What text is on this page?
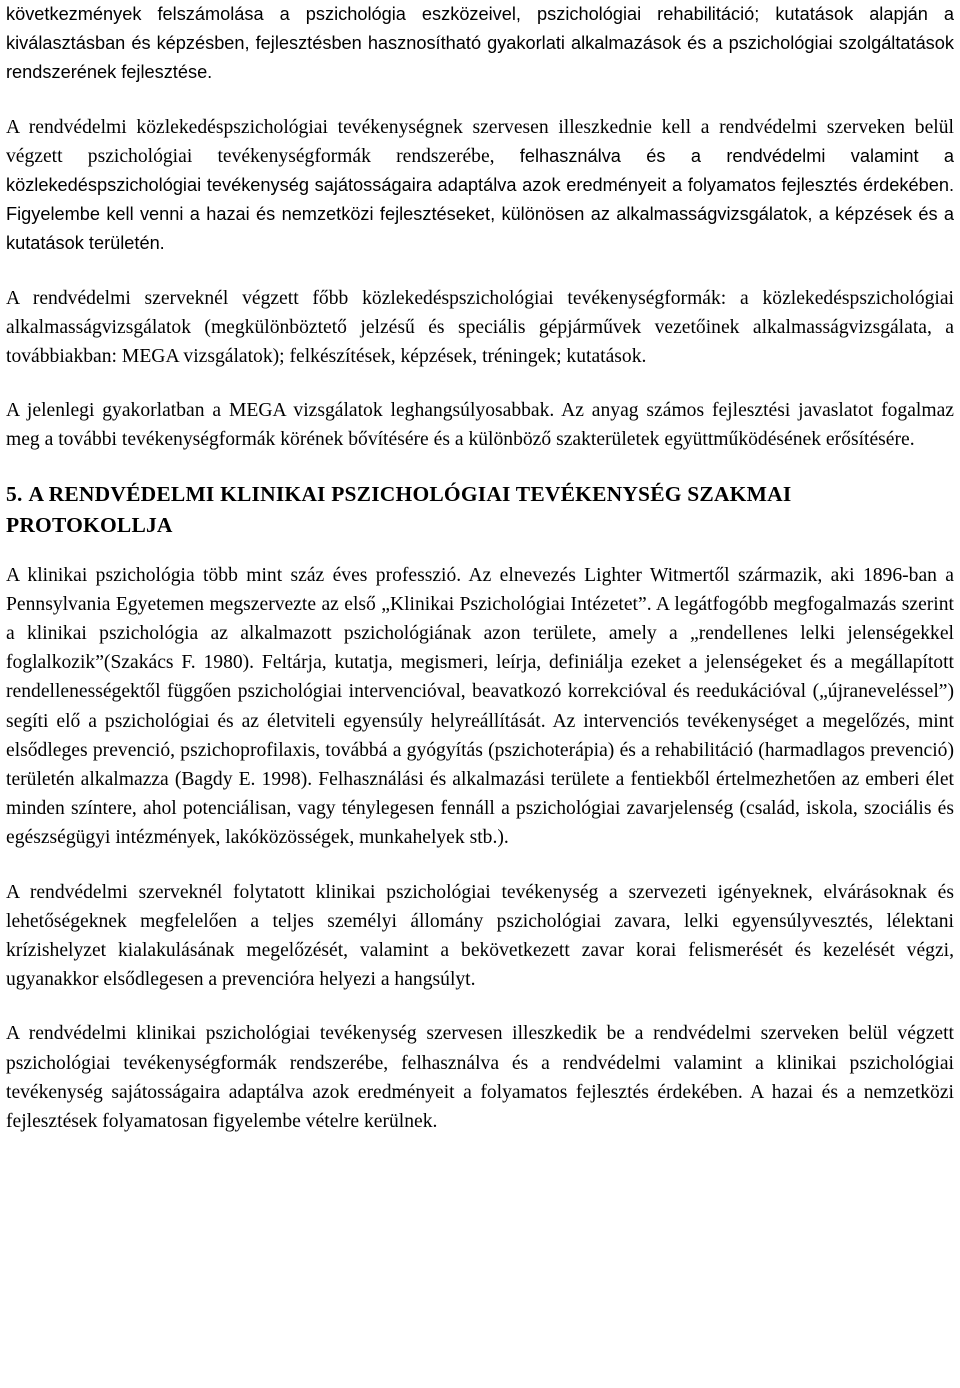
következmények felszámolása a pszichológia eszközeivel, pszichológiai rehabilitáció; kutatások alapján a kiválasztásban és képzésben, fejlesztésben hasznosítható gyakorlati alkalmazások és a pszichológiai szolgáltatások rendszerének fejlesztése.

A rendvédelmi közlekedéspszichológiai tevékenységnek szervesen illeszkednie kell a rendvédelmi szerveken belül végzett pszichológiai tevékenységformák rendszerébe, felhasználva és a rendvédelmi valamint a közlekedéspszichológiai tevékenység sajátosságaira adaptálva azok eredményeit a folyamatos fejlesztés érdekében. Figyelembe kell venni a hazai és nemzetközi fejlesztéseket, különösen az alkalmasságvizsgálatok, a képzések és a kutatások területén.

A rendvédelmi szerveknél végzett főbb közlekedéspszichológiai tevékenységformák: a közlekedéspszichológiai alkalmasságvizsgálatok (megkülönböztető jelzésű és speciális gépjárművek vezetőinek alkalmasságvizsgálata, a továbbiakban: MEGA vizsgálatok); felkészítések, képzések, tréningek; kutatások.

A jelenlegi gyakorlatban a MEGA vizsgálatok leghangsúlyosabbak. Az anyag számos fejlesztési javaslatot fogalmaz meg a további tevékenységformák körének bővítésére és a különböző szakterületek együttműködésének erősítésére.

5. A RENDVÉDELMI KLINIKAI PSZICHOLÓGIAI TEVÉKENYSÉG SZAKMAI PROTOKOLLJA

A klinikai pszichológia több mint száz éves professzió. Az elnevezés Lighter Witmertől származik, aki 1896-ban a Pennsylvania Egyetemen megszervezte az első „Klinikai Pszichológiai Intézetet”. A legátfogóbb megfogalmazás szerint a klinikai pszichológia az alkalmazott pszichológiának azon területe, amely a „rendellenes lelki jelenségekkel foglalkozik”(Szakács F. 1980). Feltárja, kutatja, megismeri, leírja, definiálja ezeket a jelenségeket és a megállapított rendellenességektől függően pszichológiai intervencióval, beavatkozó korrekcióval és reedukációval („újraneveléssel”) segíti elő a pszichológiai és az életviteli egyensúly helyreállítását. Az intervenciós tevékenységet a megelőzés, mint elsődleges prevenció, pszichoprofilaxis, továbbá a gyógyítás (pszichoterápia) és a rehabilitáció (harmadlagos prevenció) területén alkalmazza (Bagdy E. 1998). Felhasználási és alkalmazási területe a fentiekből értelmezhetően az emberi élet minden színtere, ahol potenciálisan, vagy ténylegesen fennáll a pszichológiai zavarjelenség (család, iskola, szociális és egészségügyi intézmények, lakóközösségek, munkahelyek stb.).

A rendvédelmi szerveknél folytatott klinikai pszichológiai tevékenység a szervezeti igényeknek, elvárásoknak és lehetőségeknek megfelelően a teljes személyi állomány pszichológiai zavara, lelki egyensúlyvesztés, lélektani krízishelyzet kialakulásának megelőzését, valamint a bekövetkezett zavar korai felismerését és kezelését végzi, ugyanakkor elsődlegesen a prevencióra helyezi a hangsúlyt.

A rendvédelmi klinikai pszichológiai tevékenység szervesen illeszkedik be a rendvédelmi szerveken belül végzett pszichológiai tevékenységformák rendszerébe, felhasználva és a rendvédelmi valamint a klinikai pszichológiai tevékenység sajátosságaira adaptálva azok eredményeit a folyamatos fejlesztés érdekében. A hazai és a nemzetközi fejlesztések folyamatosan figyelembe vételre kerülnek.
